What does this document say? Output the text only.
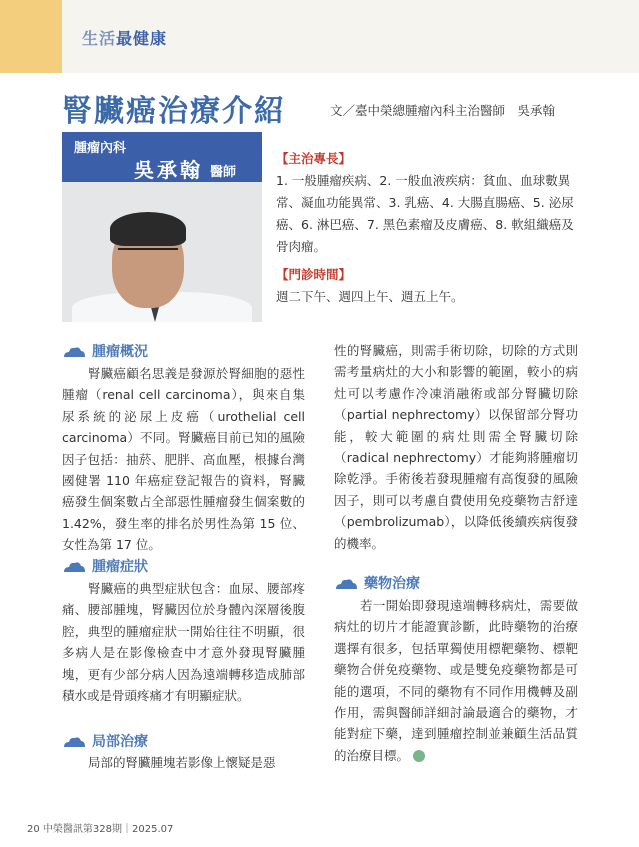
生活最健康
腎臟癌治療介紹	文／臺中榮總腫瘤內科主治醫師　吳承翰
腫瘤內科
吳承翰 醫師
【主治專長】
1. 一般腫瘤疾病、2. 一般血液疾病：貧血、血球數異常、凝血功能異常、3. 乳癌、4. 大腸直腸癌、5. 泌尿癌、6. 淋巴癌、7. 黑色素瘤及皮膚癌、8. 軟組織癌及骨肉瘤。
【門診時間】
週二下午、週四上午、週五上午。
腫瘤概況
腎臟癌顧名思義是發源於腎細胞的惡性腫瘤（renal cell carcinoma），與來自集尿系統的泌尿上皮癌（urothelial cell carcinoma）不同。腎臟癌目前已知的風險因子包括：抽菸、肥胖、高血壓，根據台灣國健署 110 年癌症登記報告的資料，腎臟癌發生個案數占全部惡性腫瘤發生個案數的 1.42%，發生率的排名於男性為第 15 位、女性為第 17 位。
腫瘤症狀
腎臟癌的典型症狀包含：血尿、腰部疼痛、腰部腫塊，腎臟因位於身體內深層後腹腔，典型的腫瘤症狀一開始往往不明顯，很多病人是在影像檢查中才意外發現腎臟腫塊，更有少部分病人因為遠端轉移造成肺部積水或是骨頭疼痛才有明顯症狀。
局部治療
局部的腎臟腫塊若影像上懷疑是惡
性的腎臟癌，則需手術切除，切除的方式則需考量病灶的大小和影響的範圍，較小的病灶可以考慮作冷凍消融術或部分腎臟切除（partial nephrectomy）以保留部分腎功能，較大範圍的病灶則需全腎臟切除（radical nephrectomy）才能夠將腫瘤切除乾淨。手術後若發現腫瘤有高復發的風險因子，則可以考慮自費使用免疫藥物吉舒達（pembrolizumab），以降低後續疾病復發的機率。
藥物治療
若一開始即發現遠端轉移病灶，需要做病灶的切片才能證實診斷，此時藥物的治療選擇有很多，包括單獨使用標靶藥物、標靶藥物合併免疫藥物、或是雙免疫藥物都是可能的選項，不同的藥物有不同作用機轉及副作用，需與醫師詳細討論最適合的藥物，才能對症下藥，達到腫瘤控制並兼顧生活品質的治療目標。	✚
20 中榮醫訊第328期｜2025.07
